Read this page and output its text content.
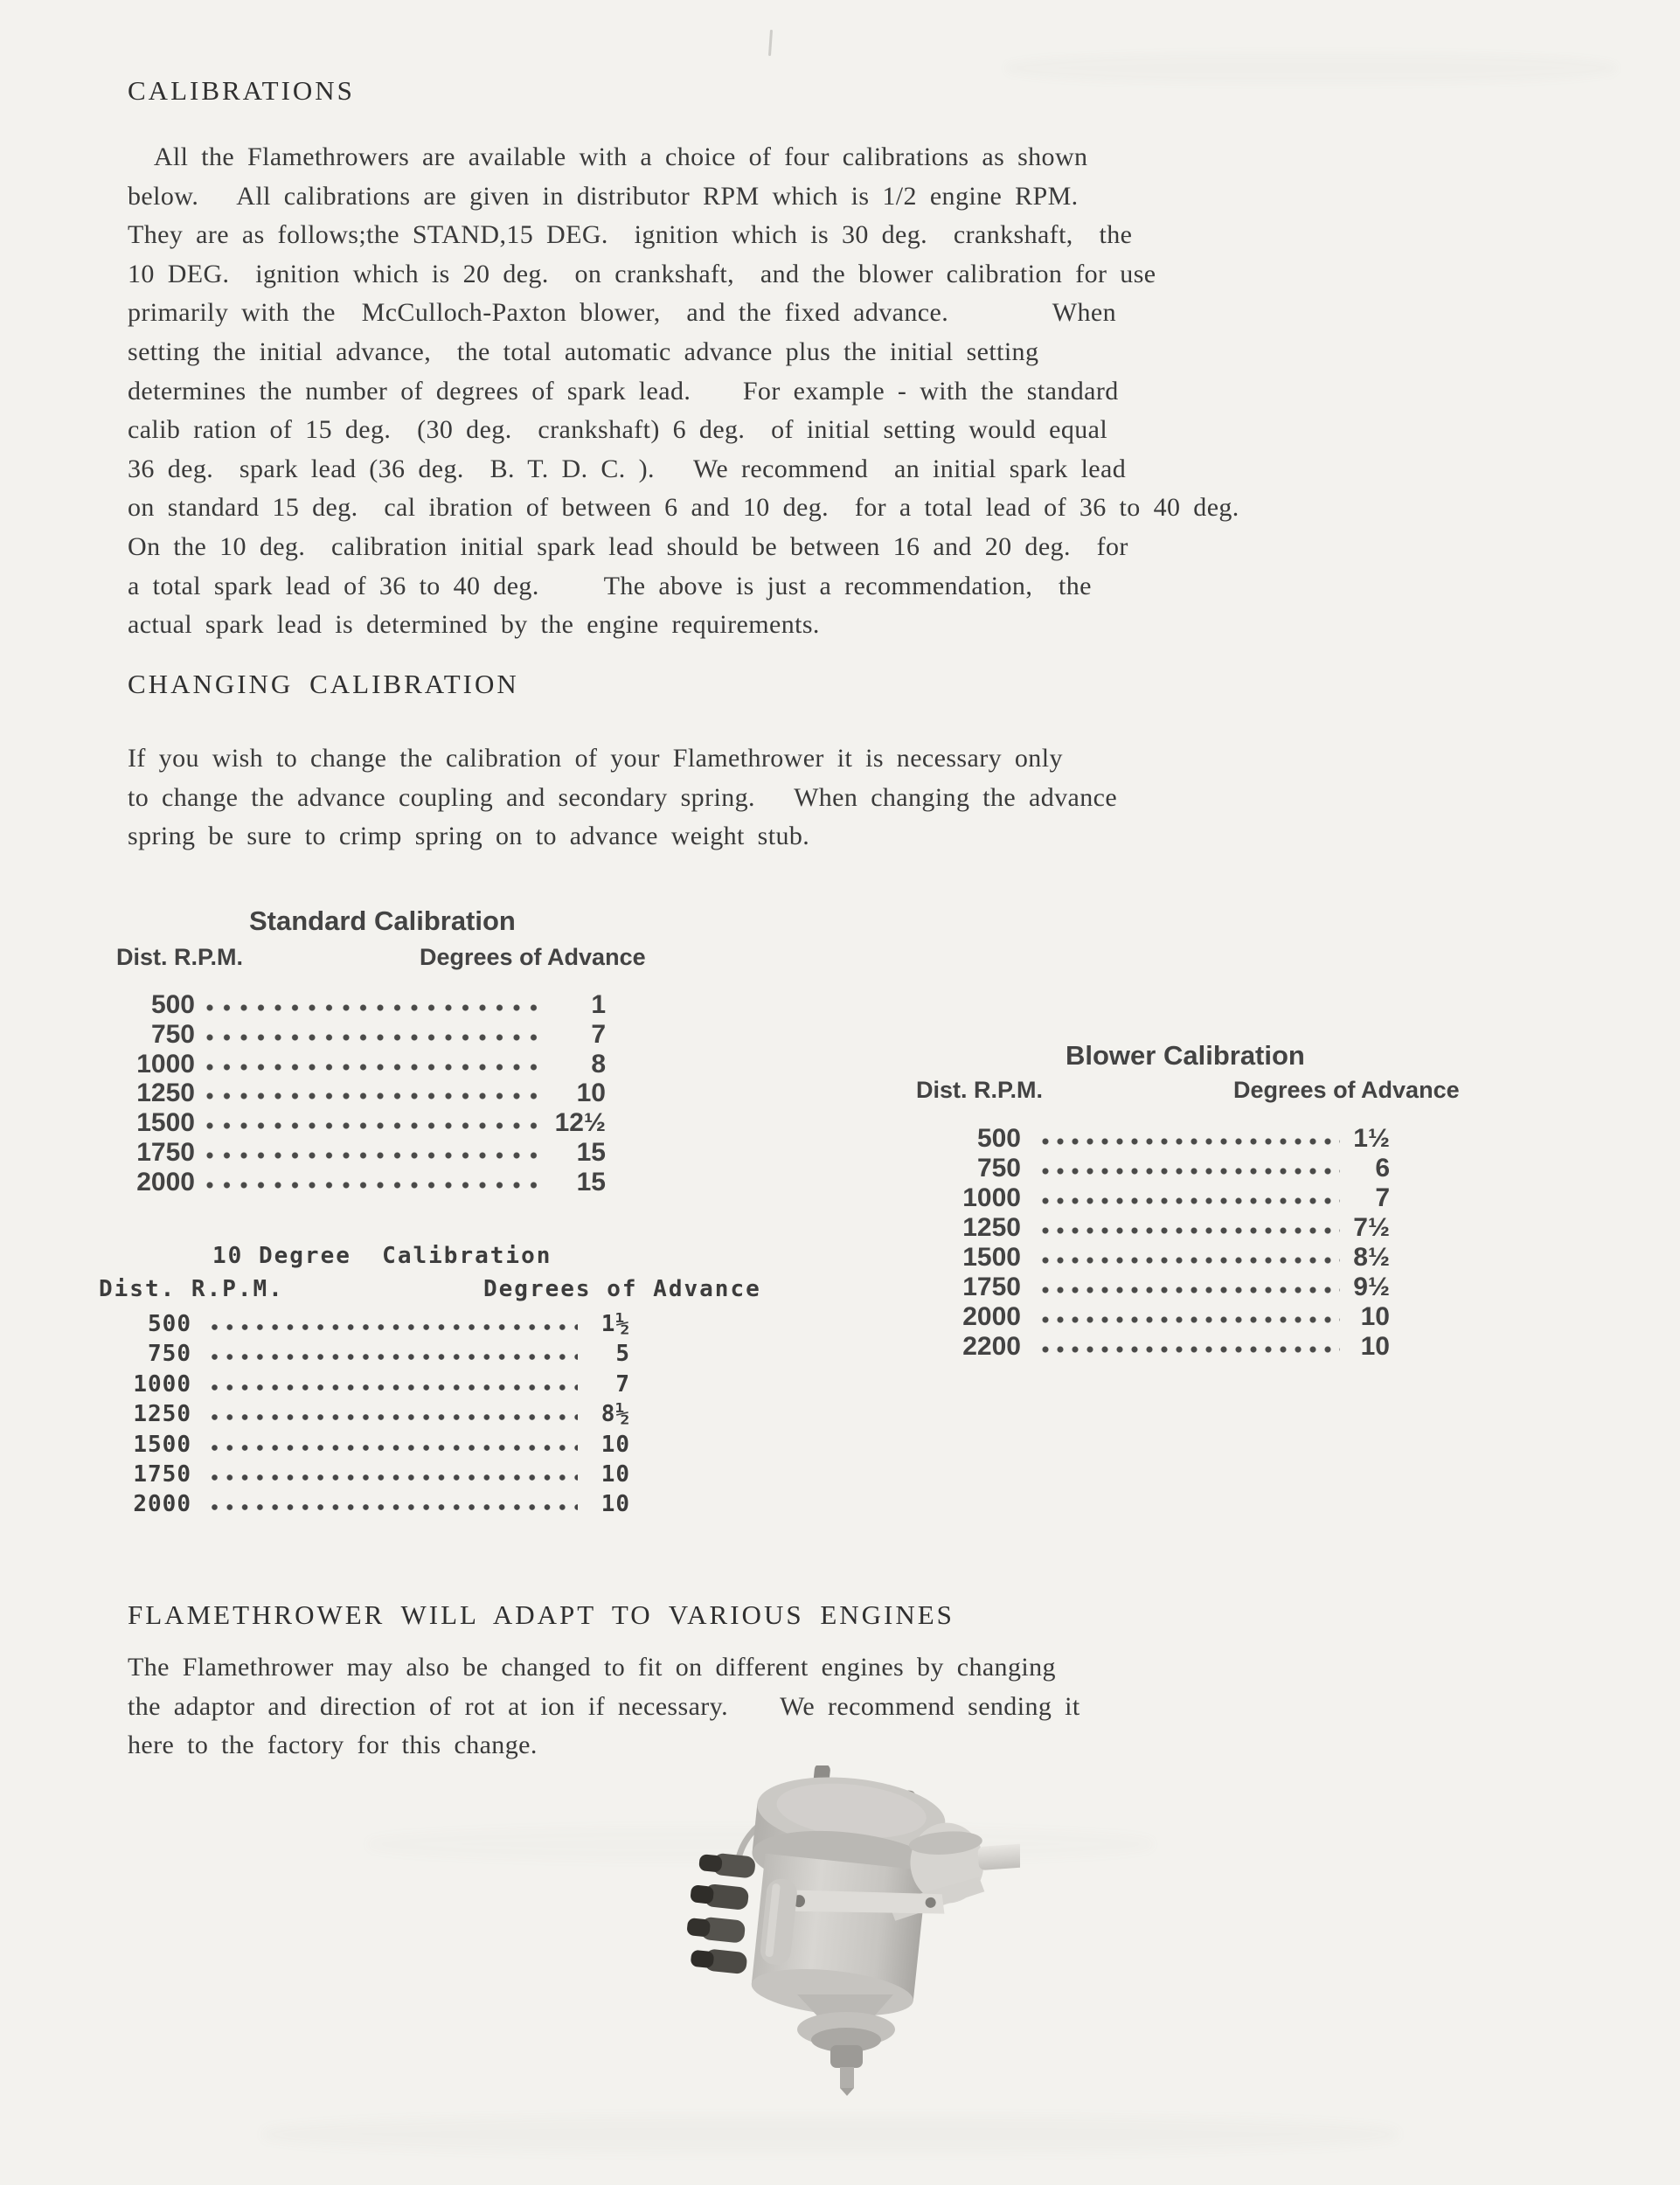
CALIBRATIONS
All the Flamethrowers are available with a choice of four calibrations as shown
below.   All calibrations are given in distributor RPM which is 1/2 engine RPM.
They are as follows;the STAND,15 DEG.  ignition which is 30 deg.  crankshaft,  the
10 DEG.  ignition which is 20 deg.  on crankshaft,  and the blower calibration for use
primarily with the  McCulloch-Paxton blower,  and the fixed advance.        When
setting the initial advance,  the total automatic advance plus the initial setting
determines the number of degrees of spark lead.    For example - with the standard
calib ration of 15 deg.  (30 deg.  crankshaft) 6 deg.  of initial setting would equal
36 deg.  spark lead (36 deg.  B. T. D. C. ).   We recommend  an initial spark lead
on standard 15 deg.  cal ibration of between 6 and 10 deg.  for a total lead of 36 to 40 deg.
On the 10 deg.  calibration initial spark lead should be between 16 and 20 deg.  for
a total spark lead of 36 to 40 deg.     The above is just a recommendation,  the
actual spark lead is determined by the engine requirements.
CHANGING CALIBRATION
If you wish to change the calibration of your Flamethrower it is necessary only
to change the advance coupling and secondary spring.   When changing the advance
spring be sure to crimp spring on to advance weight stub.
Standard Calibration
Dist. R.P.M.	Degrees of Advance
500	1
750	7
1000	8
1250	10
1500	12½
1750	15
2000	15
10 Degree  Calibration
Dist. R.P.M.	Degrees of Advance
500	1½
750	5
1000	7
1250	8½
1500	10
1750	10
2000	10
Blower Calibration
Dist. R.P.M.	Degrees of Advance
500	1½
750	6
1000	7
1250	7½
1500	8½
1750	9½
2000	10
2200	10
FLAMETHROWER WILL ADAPT TO VARIOUS ENGINES
The Flamethrower may also be changed to fit on different engines by changing
the adaptor and direction of rot at ion if necessary.    We recommend sending it
here to the factory for this change.
